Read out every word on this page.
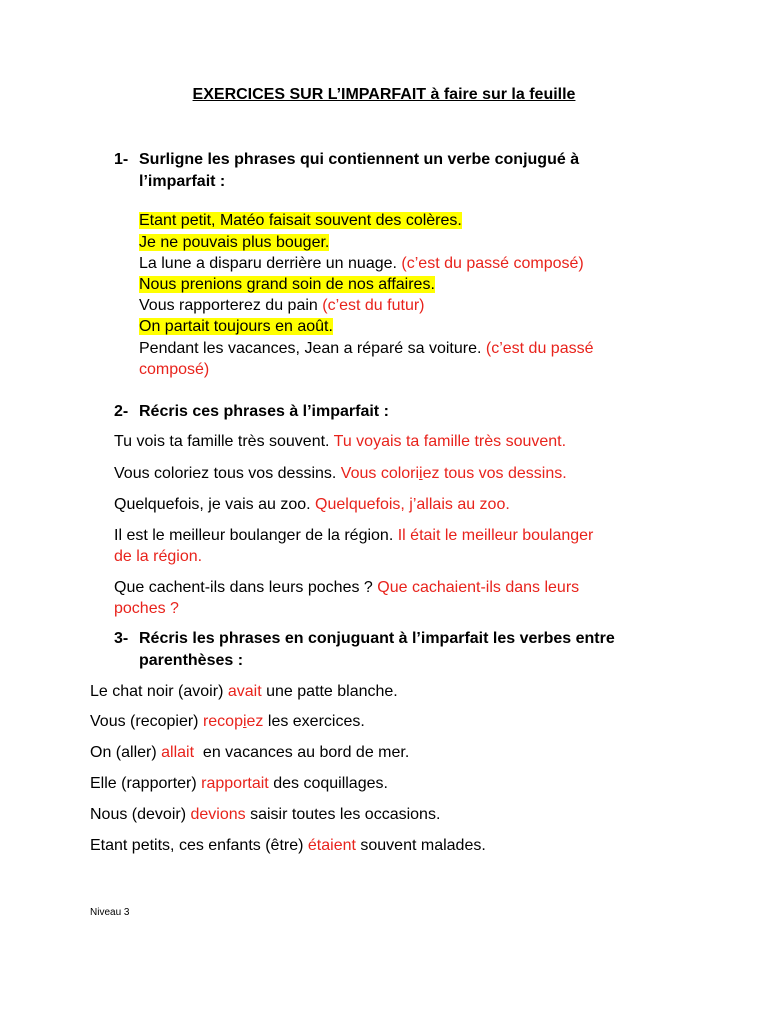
EXERCICES SUR L’IMPARFAIT à faire sur la feuille
1- Surligne les phrases qui contiennent un verbe conjugué à
l’imparfait :
Etant petit, Matéo faisait souvent des colères.
Je ne pouvais plus bouger.
La lune a disparu derrière un nuage. (c’est du passé composé)
Nous prenions grand soin de nos affaires.
Vous rapporterez du pain (c’est du futur)
On partait toujours en août.
Pendant les vacances, Jean a réparé sa voiture. (c’est du passé
composé)
2- Récris ces phrases à l’imparfait :
Tu vois ta famille très souvent. Tu voyais ta famille très souvent.
Vous coloriez tous vos dessins. Vous coloriiez tous vos dessins.
Quelquefois, je vais au zoo. Quelquefois, j’allais au zoo.
Il est le meilleur boulanger de la région. Il était le meilleur boulanger
de la région.
Que cachent-ils dans leurs poches ? Que cachaient-ils dans leurs
poches ?
3- Récris les phrases en conjuguant à l’imparfait les verbes entre
parenthèses :
Le chat noir (avoir) avait une patte blanche.
Vous (recopier) recopiez les exercices.
On (aller) allait  en vacances au bord de mer.
Elle (rapporter) rapportait des coquillages.
Nous (devoir) devions saisir toutes les occasions.
Etant petits, ces enfants (être) étaient souvent malades.
Niveau 3
